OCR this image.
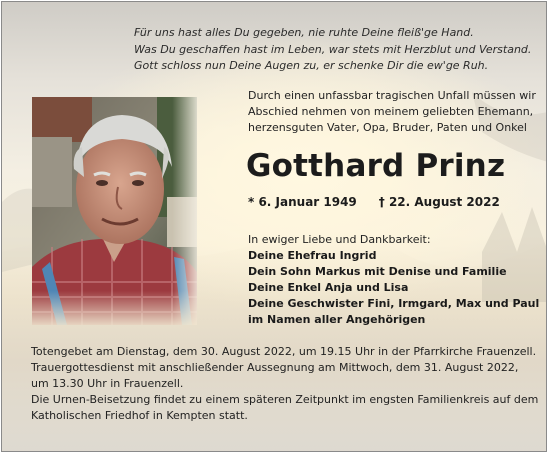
Für uns hast alles Du gegeben, nie ruhte Deine fleiß'ge Hand.
Was Du geschaffen hast im Leben, war stets mit Herzblut und Verstand.
Gott schloss nun Deine Augen zu, er schenke Dir die ew'ge Ruh.
Durch einen unfassbar tragischen Unfall müssen wir
Abschied nehmen von meinem geliebten Ehemann,
herzensguten Vater, Opa, Bruder, Paten und Onkel
Gotthard Prinz
* 6. Januar 1949 † 22. August 2022
In ewiger Liebe und Dankbarkeit:
Deine Ehefrau Ingrid
Dein Sohn Markus mit Denise und Familie
Deine Enkel Anja und Lisa
Deine Geschwister Fini, Irmgard, Max und Paul
im Namen aller Angehörigen
Totengebet am Dienstag, dem 30. August 2022, um 19.15 Uhr in der Pfarrkirche Frauenzell.
Trauergottesdienst mit anschließender Aussegnung am Mittwoch, dem 31. August 2022,
um 13.30 Uhr in Frauenzell.
Die Urnen-Beisetzung findet zu einem späteren Zeitpunkt im engsten Familienkreis auf dem
Katholischen Friedhof in Kempten statt.
